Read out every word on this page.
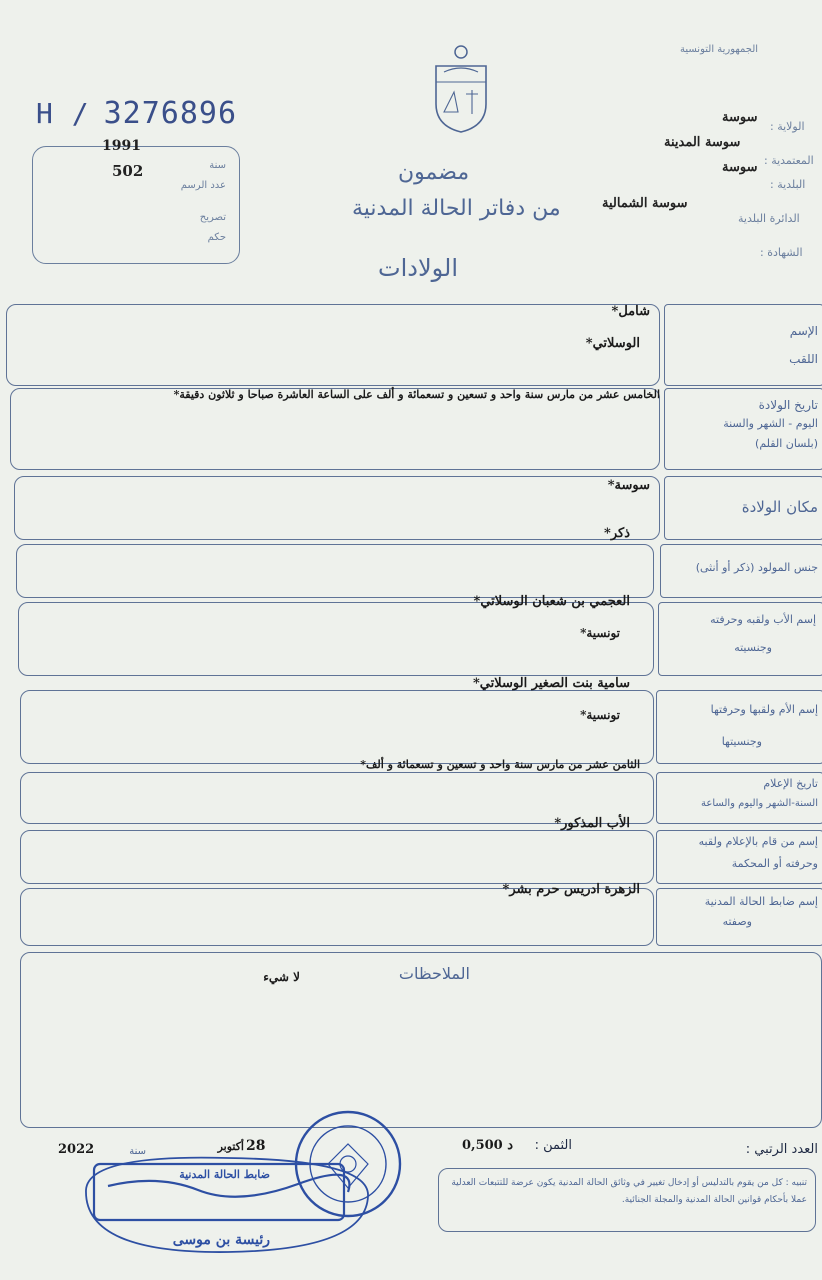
H / 3276896
1991
502	سنة
عدد الرسم
تصريح
حكم
مضمون
من دفاتر الحالة المدنية
الولادات
الجمهورية التونسية
سوسة
سوسة المدينة
سوسة
سوسة الشمالية
الولاية :
المعتمدية :
البلدية :
الدائرة البلدية
الشهادة :
الإسم
اللقب
شامل*
الوسلاتي*
تاريخ الولادة
اليوم - الشهر والسنة
(بلسان القلم)
الخامس عشر من مارس سنة واحد و تسعين و تسعمائة و ألف على الساعة العاشرة صباحا و ثلاثون دقيقة*
مكان الولادة
سوسة*
جنس المولود (ذكر أو أنثى)
ذكر*
إسم الأب ولقبه وحرفته
وجنسيته
العجمي بن شعبان الوسلاتي*
تونسية*
إسم الأم ولقبها وحرفتها
وجنسيتها
سامية بنت الصغير الوسلاتي*
تونسية*
تاريخ الإعلام
السنة-الشهر واليوم والساعة
الثامن عشر من مارس سنة واحد و تسعين و تسعمائة و ألف*
إسم من قام بالإعلام ولقبه
وحرفته أو المحكمة
الأب المذكور*
إسم ضابط الحالة المدنية
وصفته
الزهرة ادريس حرم بشر*
الملاحظات
لا شيء
العدد الرتبي :
الثمن :
0,500 د
سنة
2022	28
أكتوبر
ضابط الحالة المدنية
رئيسة بن موسى
تنبيه : كل من يقوم بالتدليس أو إدخال تغيير في وثائق الحالة المدنية يكون عرضة للتتبعات العدلية عملا بأحكام قوانين الحالة المدنية والمجلة الجنائية.
